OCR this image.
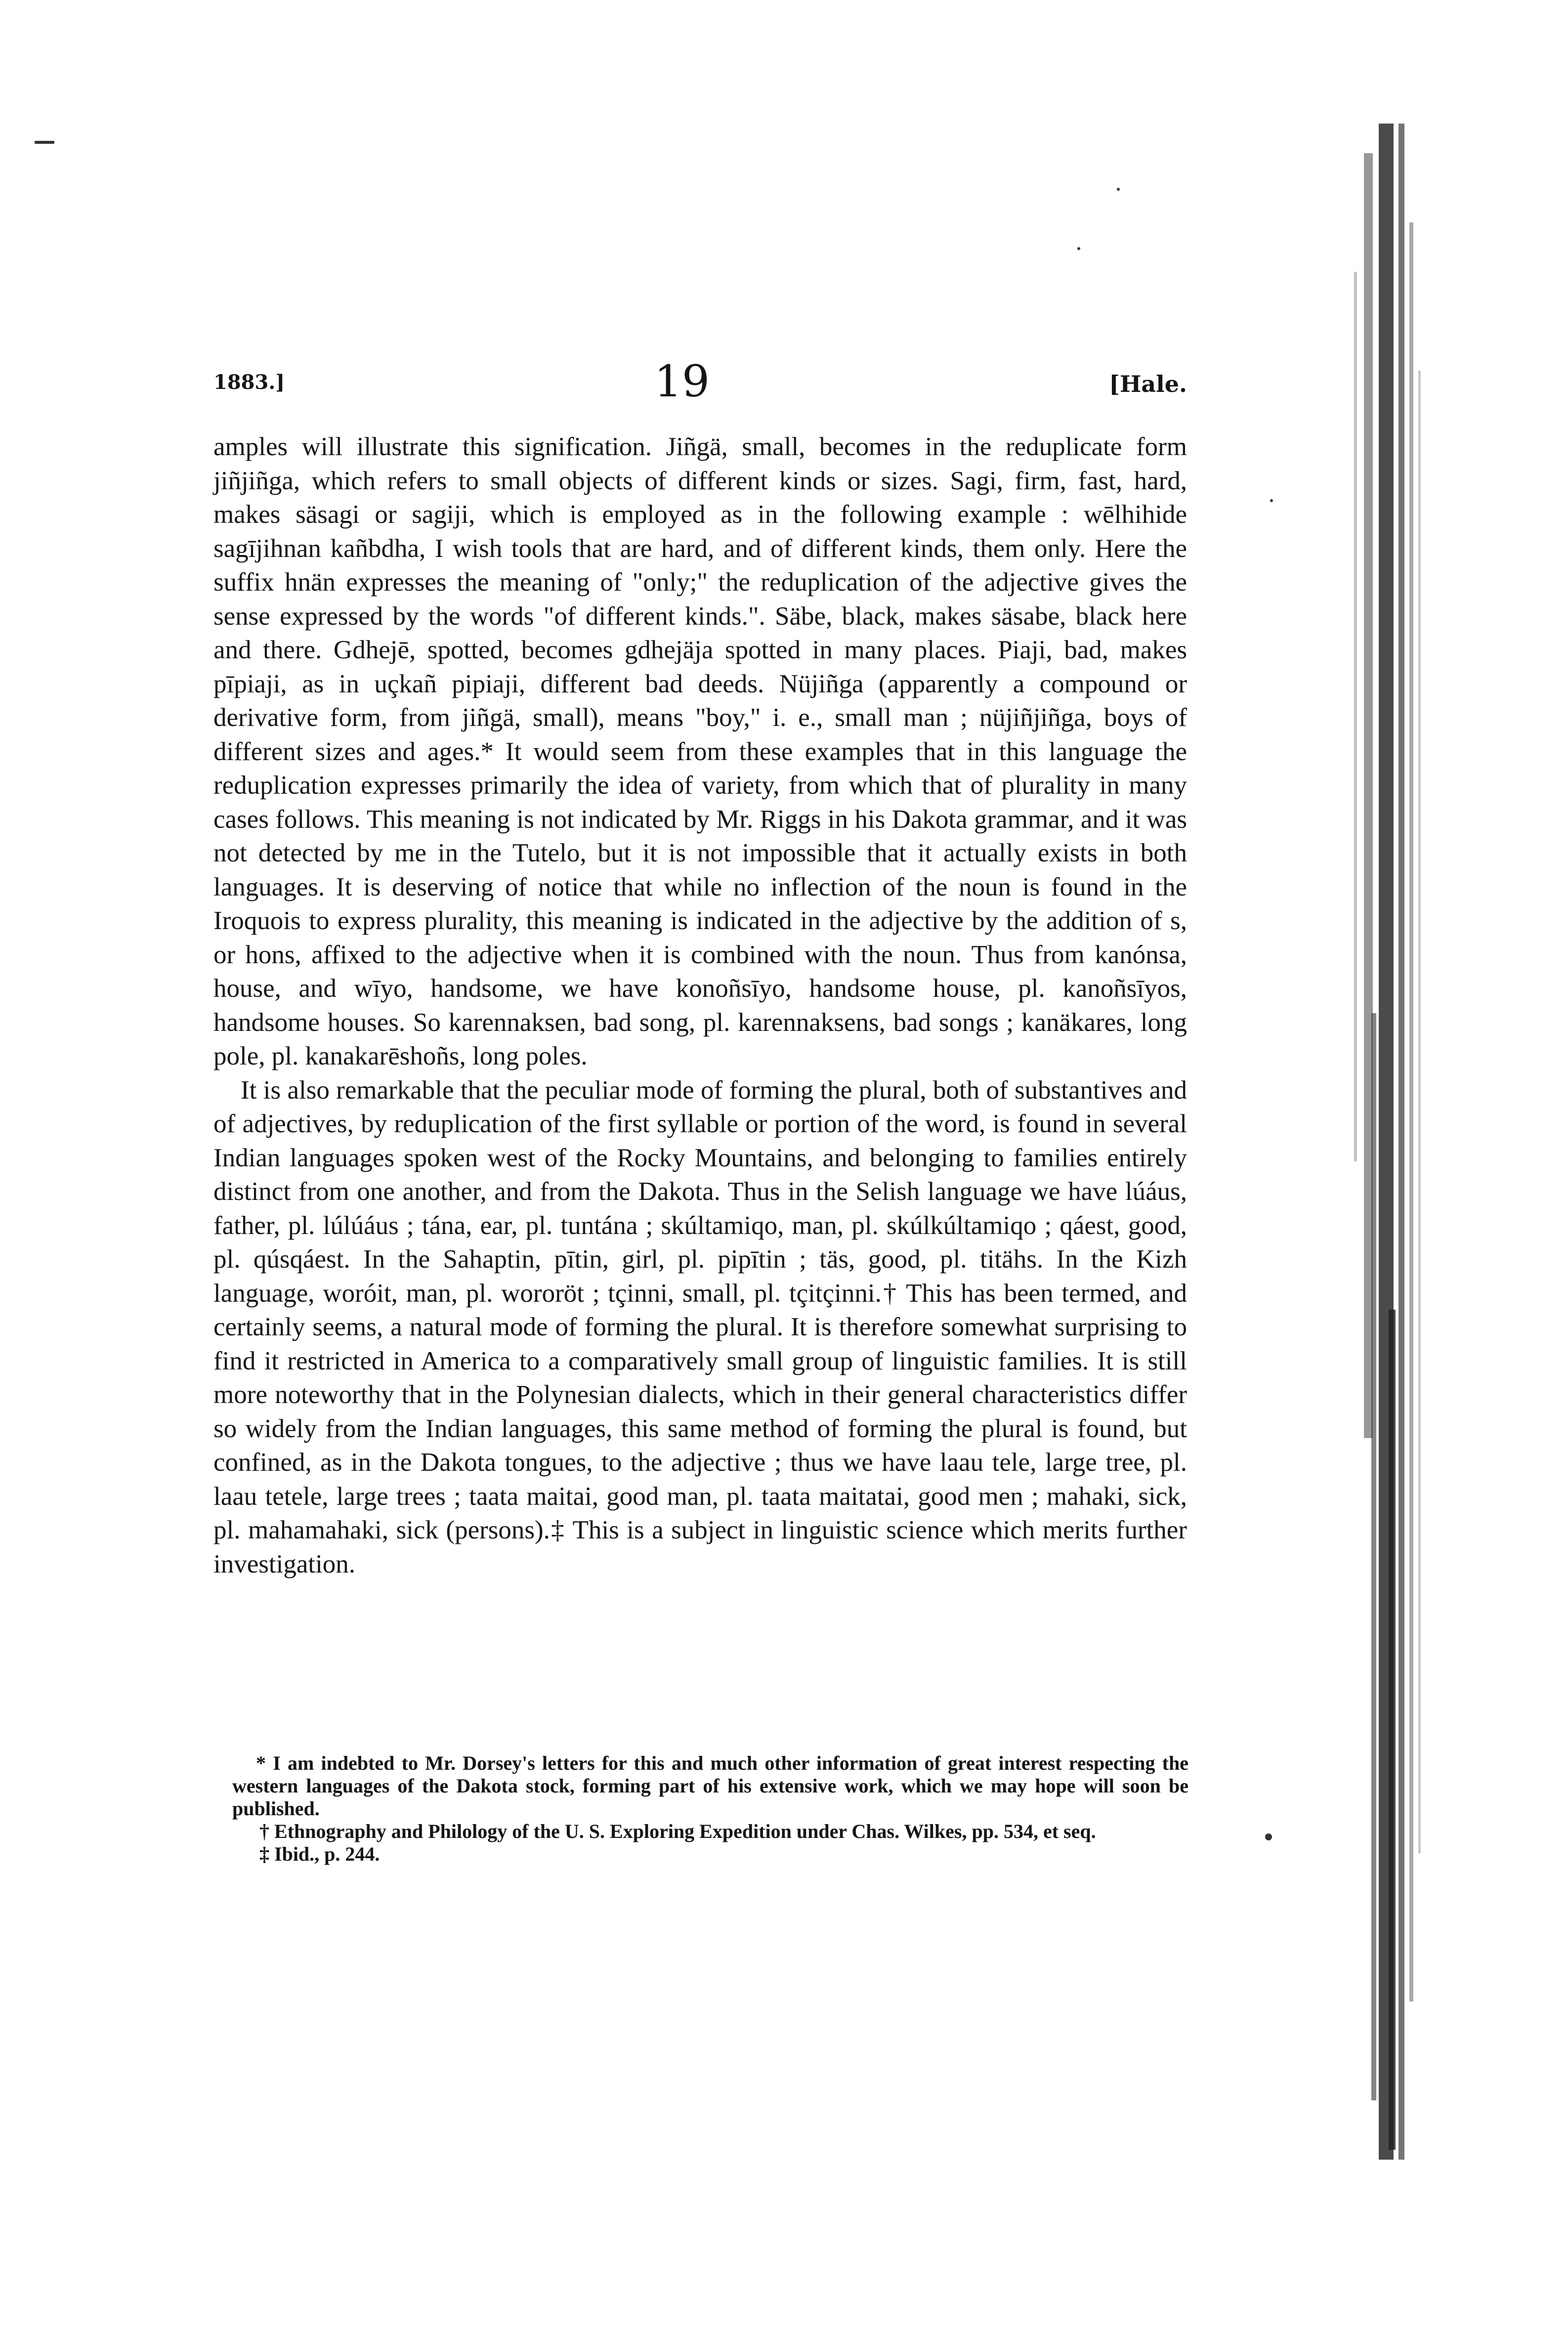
1883.]	19	[Hale.

amples will illustrate this signification. Jiñgä, small, becomes in the reduplicate form jiñjiñga, which refers to small objects of different kinds or sizes. Sagi, firm, fast, hard, makes säsagi or sagiji, which is employed as in the following example : wēlhihide sagījihnan kañbdha, I wish tools that are hard, and of different kinds, them only. Here the suffix hnän expresses the meaning of "only;" the reduplication of the adjective gives the sense expressed by the words "of different kinds.". Säbe, black, makes säsabe, black here and there. Gdhejē, spotted, becomes gdhejäja spotted in many places. Piaji, bad, makes pīpiaji, as in uçkañ pipiaji, different bad deeds. Nüjiñga (apparently a compound or derivative form, from jiñgä, small), means "boy," i. e., small man ; nüjiñjiñga, boys of different sizes and ages.* It would seem from these examples that in this language the reduplication expresses primarily the idea of variety, from which that of plurality in many cases follows. This meaning is not indicated by Mr. Riggs in his Dakota grammar, and it was not detected by me in the Tutelo, but it is not impossible that it actually exists in both languages. It is deserving of notice that while no inflection of the noun is found in the Iroquois to express plurality, this meaning is indicated in the adjective by the addition of s, or hons, affixed to the adjective when it is combined with the noun. Thus from kanónsa, house, and wīyo, handsome, we have konoñsīyo, handsome house, pl. kanoñsīyos, handsome houses. So karennaksen, bad song, pl. karennaksens, bad songs ; kanäkares, long pole, pl. kanakarēshoñs, long poles.

It is also remarkable that the peculiar mode of forming the plural, both of substantives and of adjectives, by reduplication of the first syllable or portion of the word, is found in several Indian languages spoken west of the Rocky Mountains, and belonging to families entirely distinct from one another, and from the Dakota. Thus in the Selish language we have lúáus, father, pl. lúlúáus ; tána, ear, pl. tuntána ; skúltamiqo, man, pl. skúlkúltamiqo ; qáest, good, pl. qúsqáest. In the Sahaptin, pītin, girl, pl. pipītin ; täs, good, pl. titähs. In the Kizh language, woróit, man, pl. wororöt ; tçinni, small, pl. tçitçinni.† This has been termed, and certainly seems, a natural mode of forming the plural. It is therefore somewhat surprising to find it restricted in America to a comparatively small group of linguistic families. It is still more noteworthy that in the Polynesian dialects, which in their general characteristics differ so widely from the Indian languages, this same method of forming the plural is found, but confined, as in the Dakota tongues, to the adjective ; thus we have laau tele, large tree, pl. laau tetele, large trees ; taata maitai, good man, pl. taata maitatai, good men ; mahaki, sick, pl. mahamahaki, sick (persons).‡ This is a subject in linguistic science which merits further investigation.

* I am indebted to Mr. Dorsey's letters for this and much other information of great interest respecting the western languages of the Dakota stock, forming part of his extensive work, which we may hope will soon be published.

† Ethnography and Philology of the U. S. Exploring Expedition under Chas. Wilkes, pp. 534, et seq.

‡ Ibid., p. 244.
